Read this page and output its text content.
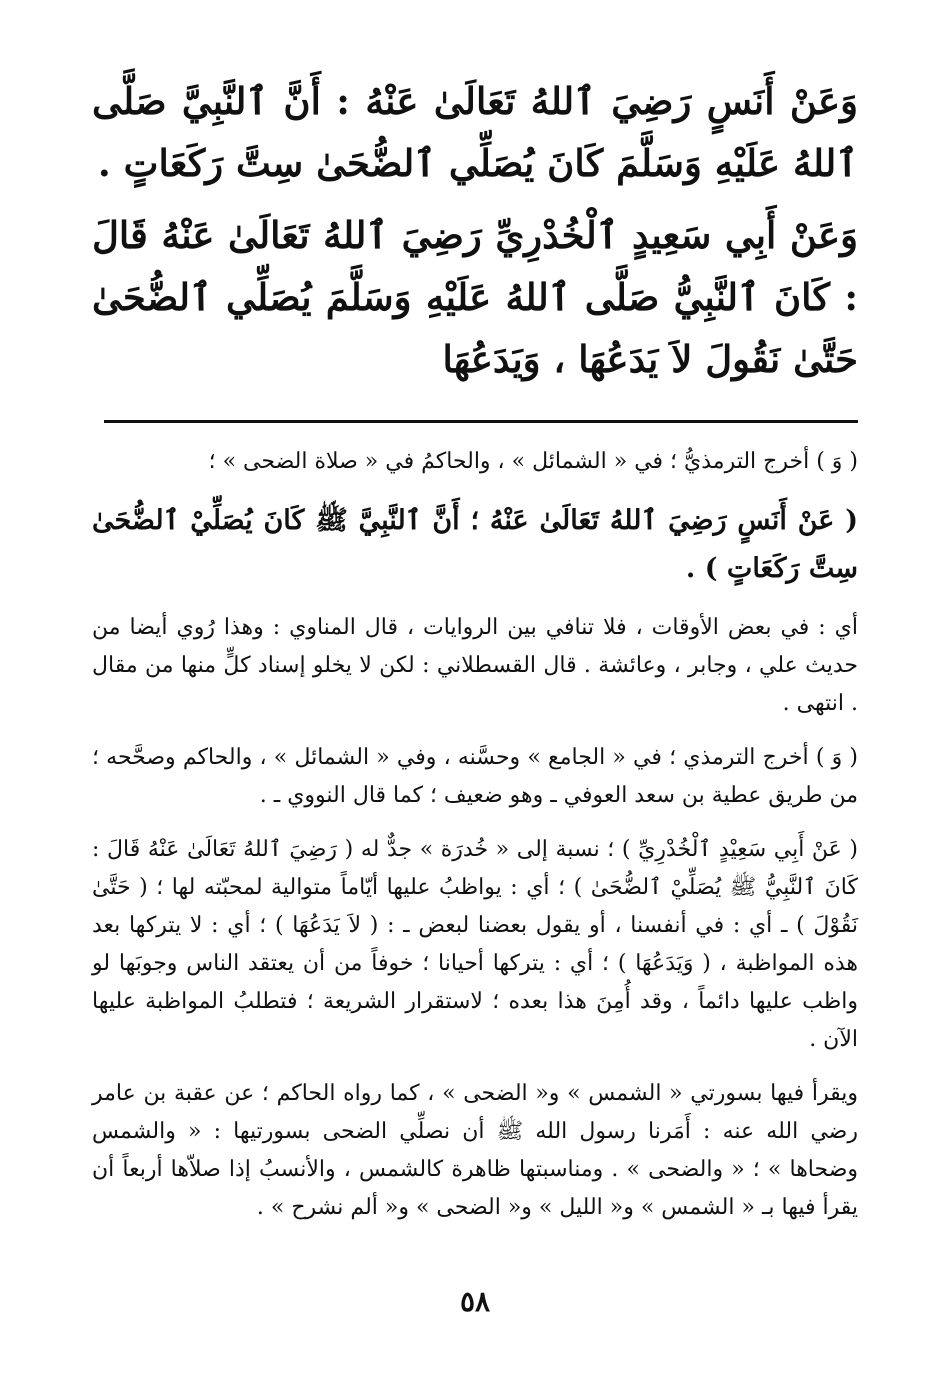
وَعَنْ أَنَسٍ رَضِيَ ٱللهُ تَعَالَىٰ عَنْهُ : أَنَّ ٱلنَّبِيَّ صَلَّى ٱللهُ عَلَيْهِ وَسَلَّمَ كَانَ يُصَلِّي ٱلضُّحَىٰ سِتَّ رَكَعَاتٍ .

وَعَنْ أَبِي سَعِيدٍ ٱلْخُدْرِيِّ رَضِيَ ٱللهُ تَعَالَىٰ عَنْهُ قَالَ : كَانَ ٱلنَّبِيُّ صَلَّى ٱللهُ عَلَيْهِ وَسَلَّمَ يُصَلِّي ٱلضُّحَىٰ حَتَّىٰ نَقُولَ لاَ يَدَعُهَا ، وَيَدَعُهَا

( وَ ) أخرج الترمذيُّ ؛ في « الشمائل » ، والحاكمُ في « صلاة الضحى » ؛

( عَنْ أَنَسٍ رَضِيَ ٱللهُ تَعَالَىٰ عَنْهُ ؛ أَنَّ ٱلنَّبِيَّ ﷺ كَانَ يُصَلِّيْ ٱلضُّحَىٰ سِتَّ رَكَعَاتٍ ) .

أي : في بعض الأوقات ، فلا تنافي بين الروايات ، قال المناوي : وهذا رُوي أيضا من حديث علي ، وجابر ، وعائشة . قال القسطلاني : لكن لا يخلو إسناد كلٍّ منها من مقال . انتهى .

( وَ ) أخرج الترمذي ؛ في « الجامع » وحسَّنه ، وفي « الشمائل » ، والحاكم وصحَّحه ؛ من طريق عطية بن سعد العوفي ـ وهو ضعيف ؛ كما قال النووي ـ .

( عَنْ أَبِي سَعِيْدٍ ٱلْخُدْرِيِّ ) ؛ نسبة إلى « خُدرَة » جدٌّ له ( رَضِيَ ٱللهُ تَعَالَىٰ عَنْهُ قَالَ : كَانَ ٱلنَّبِيُّ ﷺ يُصَلِّيْ ٱلضُّحَىٰ ) ؛ أي : يواظبُ عليها أيّاماً متوالية لمحبّته لها ؛ ( حَتَّىٰ نَقُوْلَ ) ـ أي : في أنفسنا ، أو يقول بعضنا لبعض ـ : ( لاَ يَدَعُهَا ) ؛ أي : لا يتركها بعد هذه المواظبة ، ( وَيَدَعُهَا ) ؛ أي : يتركها أحيانا ؛ خوفاً من أن يعتقد الناس وجوبَها لو واظب عليها دائماً ، وقد أُمِنَ هذا بعده ؛ لاستقرار الشريعة ؛ فتطلبُ المواظبة عليها الآن .

ويقرأ فيها بسورتي « الشمس » و« الضحى » ، كما رواه الحاكم ؛ عن عقبة بن عامر رضي الله عنه : أَمَرنا رسول الله ﷺ أن نصلِّي الضحى بسورتيها : « والشمس وضحاها » ؛ « والضحى » . ومناسبتها ظاهرة كالشمس ، والأنسبُ إذا صلاّها أربعاً أن يقرأ فيها بـ « الشمس » و« الليل » و« الضحى » و« ألم نشرح » .

٥٨
